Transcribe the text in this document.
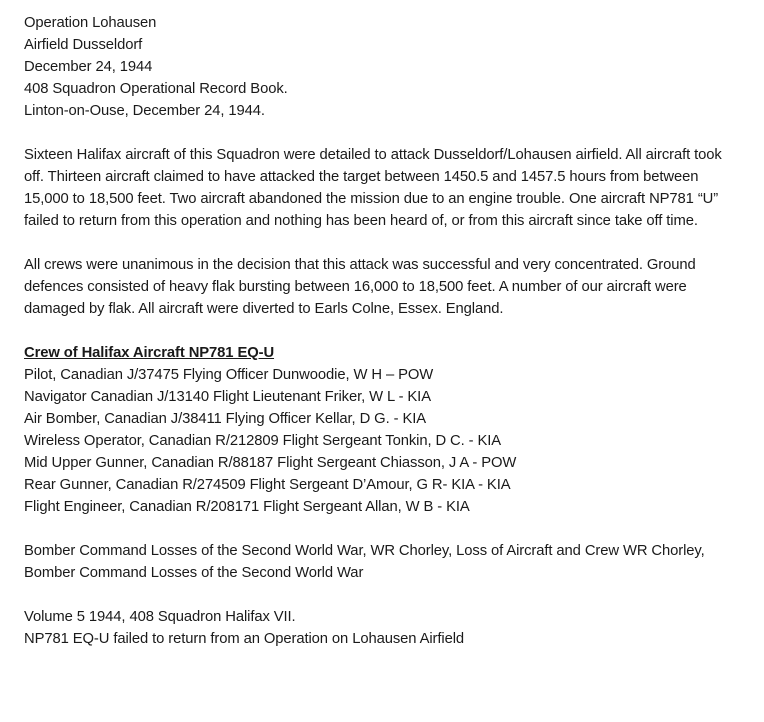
Operation Lohausen
Airfield Dusseldorf
December 24, 1944
408 Squadron Operational Record Book.
Linton-on-Ouse, December 24, 1944.

Sixteen Halifax aircraft of this Squadron were detailed to attack Dusseldorf/Lohausen airfield. All aircraft took off. Thirteen aircraft claimed to have attacked the target between 1450.5 and 1457.5 hours from between 15,000 to 18,500 feet. Two aircraft abandoned the mission due to an engine trouble. One aircraft NP781 “U” failed to return from this operation and nothing has been heard of, or from this aircraft since take off time.

All crews were unanimous in the decision that this attack was successful and very concentrated. Ground defences consisted of heavy flak bursting between 16,000 to 18,500 feet. A number of our aircraft were damaged by flak. All aircraft were diverted to Earls Colne, Essex. England.

Crew of Halifax Aircraft NP781 EQ-U
Pilot, Canadian J/37475 Flying Officer Dunwoodie, W H – POW
Navigator Canadian J/13140 Flight Lieutenant Friker, W L - KIA
Air Bomber, Canadian J/38411 Flying Officer Kellar, D G. - KIA
Wireless Operator, Canadian R/212809 Flight Sergeant Tonkin, D C. - KIA
Mid Upper Gunner, Canadian R/88187 Flight Sergeant Chiasson, J A - POW
Rear Gunner, Canadian R/274509 Flight Sergeant D’Amour, G R- KIA - KIA
Flight Engineer, Canadian R/208171 Flight Sergeant Allan, W B - KIA

Bomber Command Losses of the Second World War, WR Chorley, Loss of Aircraft and Crew WR Chorley, Bomber Command Losses of the Second World War

Volume 5 1944, 408 Squadron Halifax VII.
NP781 EQ-U failed to return from an Operation on Lohausen Airfield
